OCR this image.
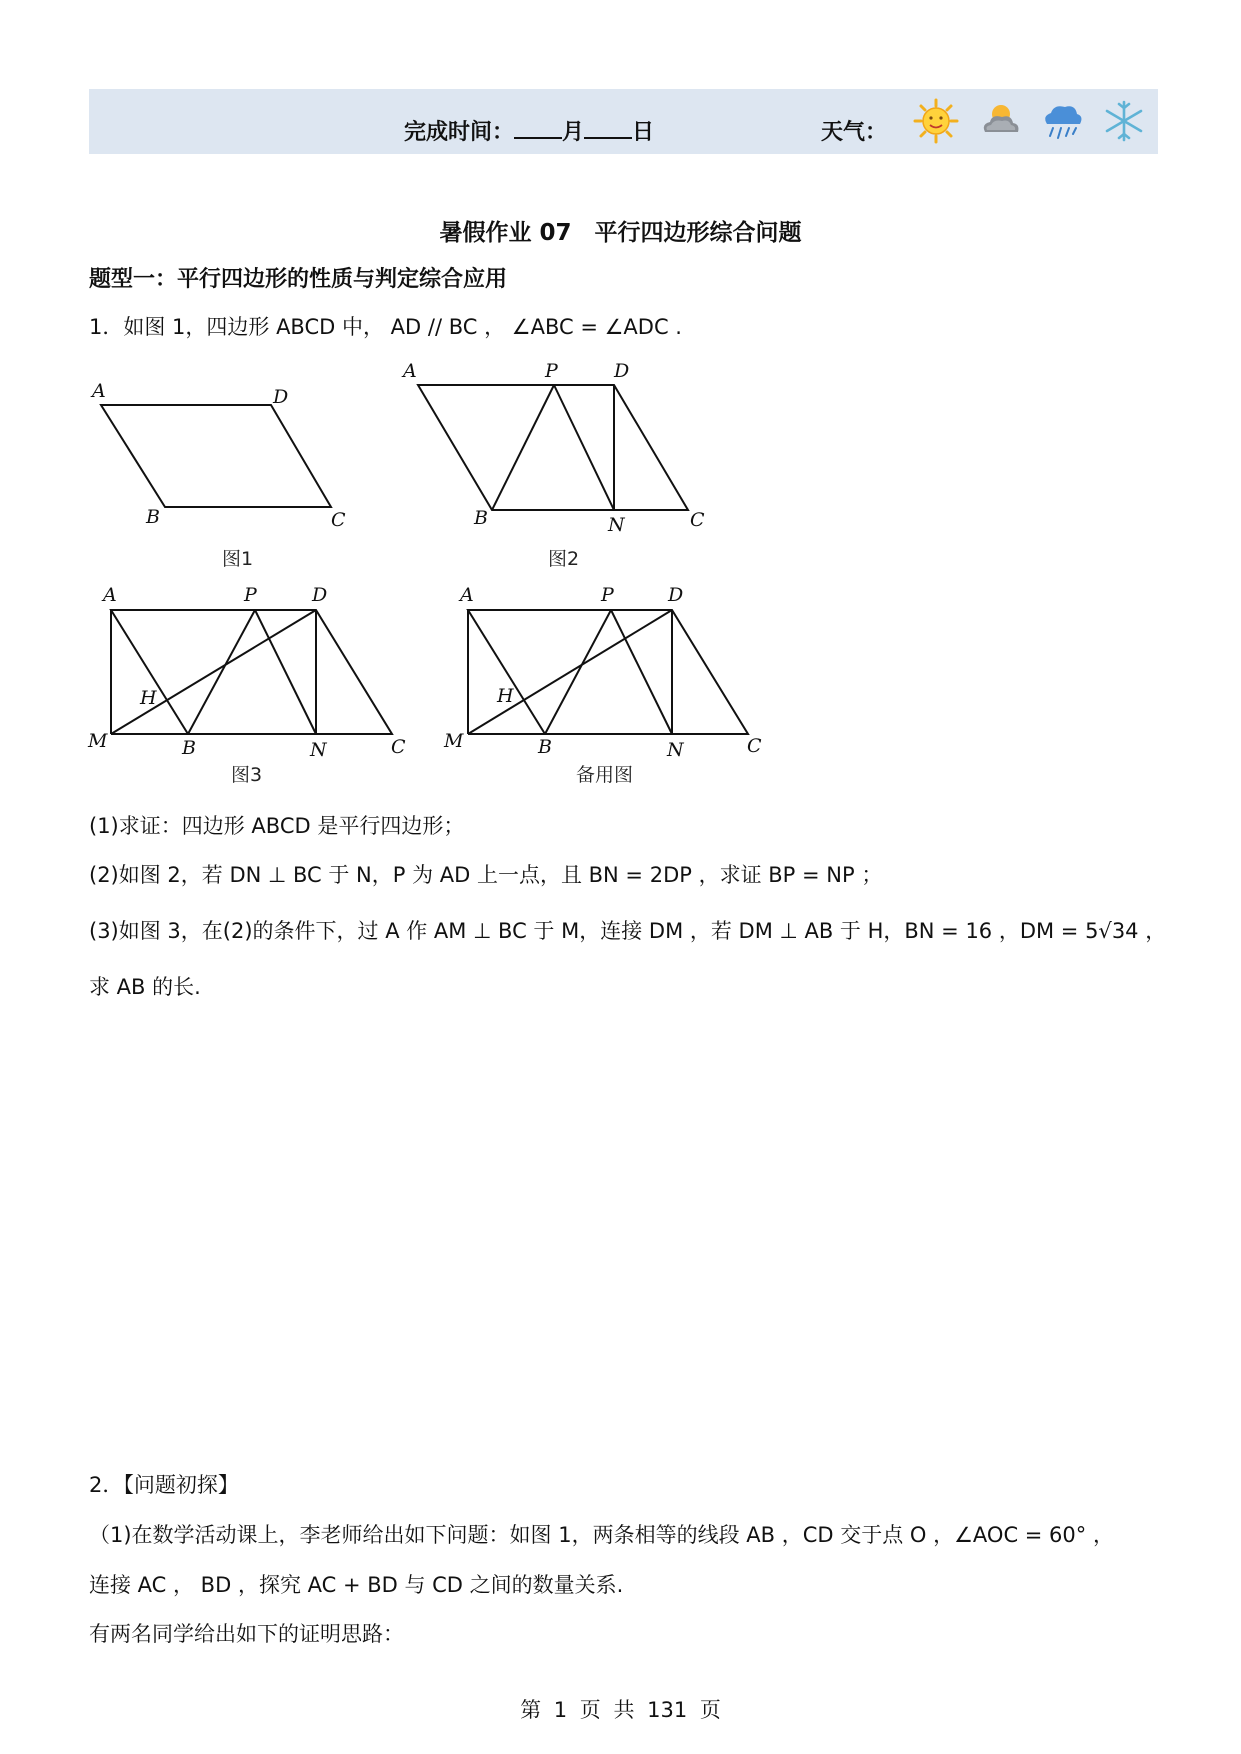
完成时间： 月 日	天气：
暑假作业 07　平行四边形综合问题
题型一：平行四边形的性质与判定综合应用
1．如图 1，四边形 ABCD 中， AD // BC ， ∠ABC = ∠ADC .
A	D
B	C
图1
A	P	D
B	N	C
图2
A	P	D
H
M	B	N	C
图3
A	P	D
H
M	B	N	C
备用图
(1)求证：四边形 ABCD 是平行四边形；
(2)如图 2，若 DN ⊥ BC 于 N，P 为 AD 上一点，且 BN = 2DP ，求证 BP = NP ；
(3)如图 3，在(2)的条件下，过 A 作 AM ⊥ BC 于 M，连接 DM ，若 DM ⊥ AB 于 H，BN = 16 ，DM = 5√34 ，
求 AB 的长.
2．【问题初探】
（1)在数学活动课上，李老师给出如下问题：如图 1，两条相等的线段 AB ，CD 交于点 O ，∠AOC = 60° ，
连接 AC ， BD ，探究 AC + BD 与 CD 之间的数量关系.
有两名同学给出如下的证明思路：
第 1 页 共 131 页
